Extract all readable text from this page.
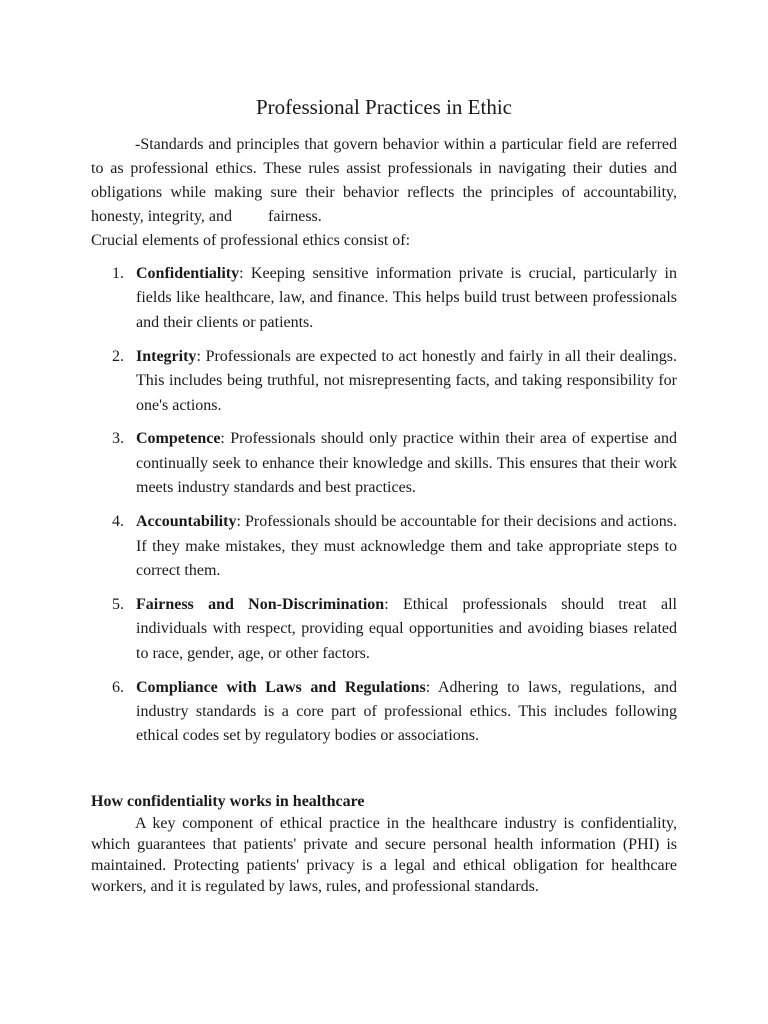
Professional Practices in Ethic

-Standards and principles that govern behavior within a particular field are referred to as professional ethics. These rules assist professionals in navigating their duties and obligations while making sure their behavior reflects the principles of accountability, honesty, integrity, and         fairness.

Crucial elements of professional ethics consist of:

1. Confidentiality: Keeping sensitive information private is crucial, particularly in fields like healthcare, law, and finance. This helps build trust between professionals and their clients or patients.
2. Integrity: Professionals are expected to act honestly and fairly in all their dealings. This includes being truthful, not misrepresenting facts, and taking responsibility for one's actions.
3. Competence: Professionals should only practice within their area of expertise and continually seek to enhance their knowledge and skills. This ensures that their work meets industry standards and best practices.
4. Accountability: Professionals should be accountable for their decisions and actions. If they make mistakes, they must acknowledge them and take appropriate steps to correct them.
5. Fairness and Non-Discrimination: Ethical professionals should treat all individuals with respect, providing equal opportunities and avoiding biases related to race, gender, age, or other factors.
6. Compliance with Laws and Regulations: Adhering to laws, regulations, and industry standards is a core part of professional ethics. This includes following ethical codes set by regulatory bodies or associations.

How confidentiality works in healthcare

A key component of ethical practice in the healthcare industry is confidentiality, which guarantees that patients' private and secure personal health information (PHI) is maintained. Protecting patients' privacy is a legal and ethical obligation for healthcare workers, and it is regulated by laws, rules, and professional standards.
